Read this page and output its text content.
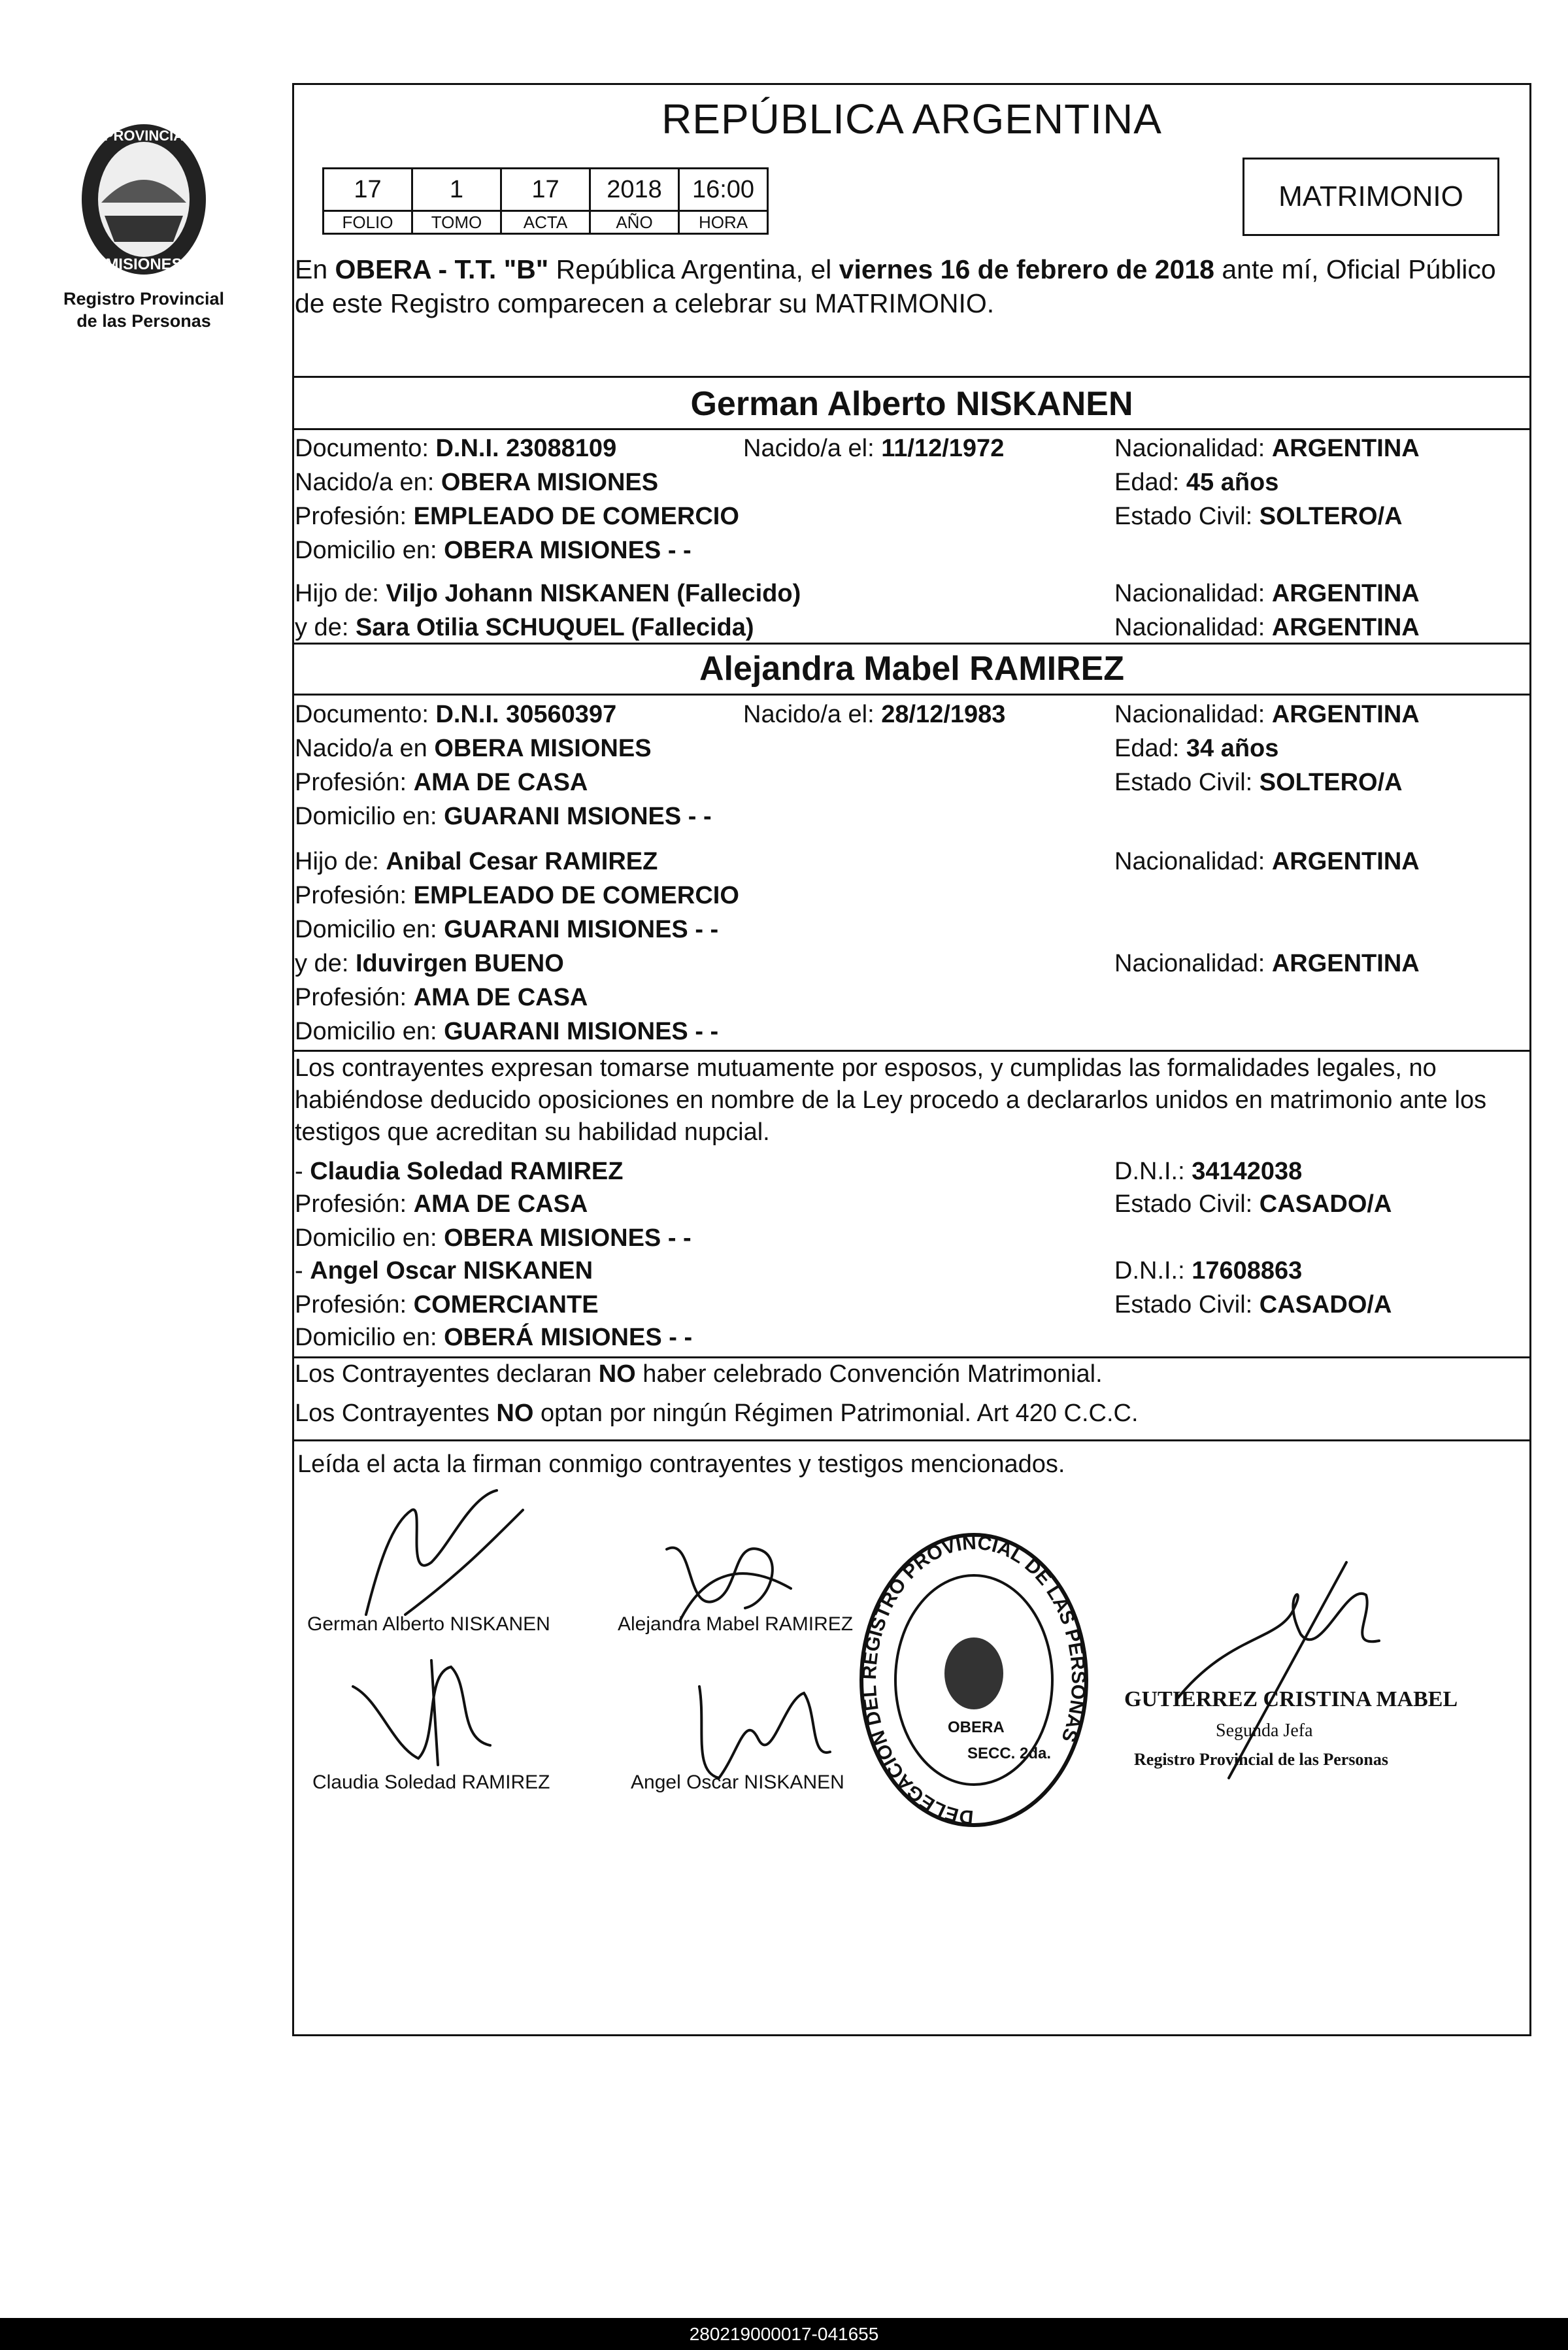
PROVINCIA
MISIONES
Registro Provincial
de las Personas
REPÚBLICA ARGENTINA
17	1	17	2018	16:00
FOLIO	TOMO	ACTA	AÑO	HORA
MATRIMONIO
En OBERA - T.T. "B" República Argentina, el viernes 16 de febrero de 2018 ante mí, Oficial Público de este Registro comparecen a celebrar su MATRIMONIO.
German Alberto NISKANEN
Documento: D.N.I. 23088109	Nacido/a el: 11/12/1972	Nacionalidad: ARGENTINA
Nacido/a en: OBERA MISIONES	Edad: 45 años
Profesión: EMPLEADO DE COMERCIO	Estado Civil: SOLTERO/A
Domicilio en: OBERA MISIONES - -
Hijo de: Viljo Johann NISKANEN (Fallecido)	Nacionalidad: ARGENTINA
y de: Sara Otilia SCHUQUEL (Fallecida)	Nacionalidad: ARGENTINA
Alejandra Mabel RAMIREZ
Documento: D.N.I. 30560397	Nacido/a el: 28/12/1983	Nacionalidad: ARGENTINA
Nacido/a en OBERA MISIONES	Edad: 34 años
Profesión: AMA DE CASA	Estado Civil: SOLTERO/A
Domicilio en: GUARANI MSIONES - -
Hijo de: Anibal Cesar RAMIREZ	Nacionalidad: ARGENTINA
Profesión: EMPLEADO DE COMERCIO
Domicilio en: GUARANI MISIONES - -
y de: Iduvirgen BUENO	Nacionalidad: ARGENTINA
Profesión: AMA DE CASA
Domicilio en: GUARANI MISIONES - -
Los contrayentes expresan tomarse mutuamente por esposos, y cumplidas las formalidades legales, no habiéndose deducido oposiciones en nombre de la Ley procedo a declararlos unidos en matrimonio ante los testigos que acreditan su habilidad nupcial.
- Claudia Soledad RAMIREZ	D.N.I.: 34142038
Profesión: AMA DE CASA	Estado Civil: CASADO/A
Domicilio en: OBERA MISIONES - -
- Angel Oscar NISKANEN	D.N.I.: 17608863
Profesión: COMERCIANTE	Estado Civil: CASADO/A
Domicilio en: OBERÁ MISIONES - -
Los Contrayentes declaran NO haber celebrado Convención Matrimonial.
Los Contrayentes NO optan por ningún Régimen Patrimonial. Art 420 C.C.C.
Leída el acta la firman conmigo contrayentes y testigos mencionados.
German Alberto NISKANEN	Alejandra Mabel RAMIREZ
Claudia Soledad RAMIREZ	Angel Oscar NISKANEN
DELEGACION DEL REGISTRO PROVINCIAL DE LAS PERSONAS
OBERA
SECC. 2da.
GUTIERREZ CRISTINA MABEL
Segunda Jefa
Registro Provincial de las Personas
280219000017-041655
